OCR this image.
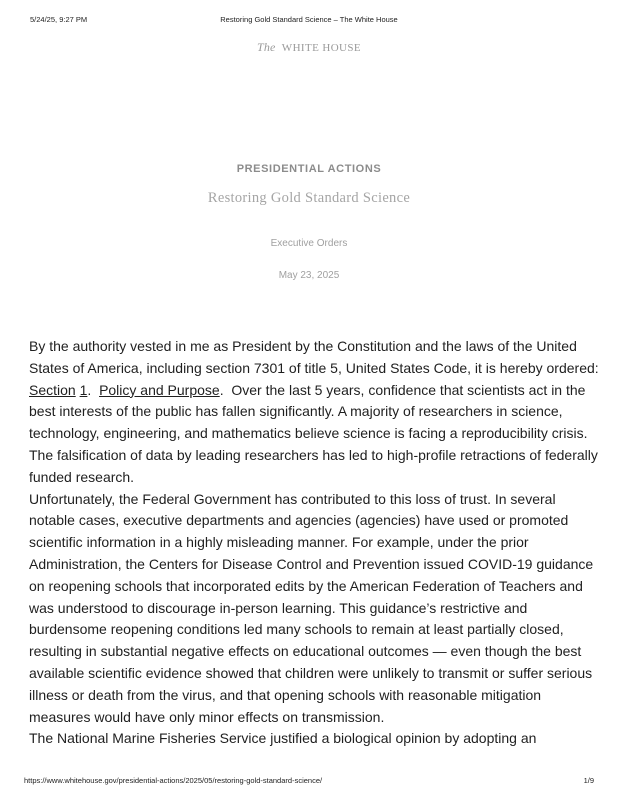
5/24/25, 9:27 PM	Restoring Gold Standard Science – The White House
The WHITE HOUSE
PRESIDENTIAL ACTIONS
Restoring Gold Standard Science
Executive Orders
May 23, 2025

By the authority vested in me as President by the Constitution and the laws of the United States of America, including section 7301 of title 5, United States Code, it is hereby ordered:

Section 1.  Policy and Purpose.  Over the last 5 years, confidence that scientists act in the best interests of the public has fallen significantly. A majority of researchers in science, technology, engineering, and mathematics believe science is facing a reproducibility crisis. The falsification of data by leading researchers has led to high-profile retractions of federally funded research.

Unfortunately, the Federal Government has contributed to this loss of trust. In several notable cases, executive departments and agencies (agencies) have used or promoted scientific information in a highly misleading manner. For example, under the prior Administration, the Centers for Disease Control and Prevention issued COVID-19 guidance on reopening schools that incorporated edits by the American Federation of Teachers and was understood to discourage in-person learning. This guidance’s restrictive and burdensome reopening conditions led many schools to remain at least partially closed, resulting in substantial negative effects on educational outcomes — even though the best available scientific evidence showed that children were unlikely to transmit or suffer serious illness or death from the virus, and that opening schools with reasonable mitigation measures would have only minor effects on transmission.

The National Marine Fisheries Service justified a biological opinion by adopting an

https://www.whitehouse.gov/presidential-actions/2025/05/restoring-gold-standard-science/	1/9
